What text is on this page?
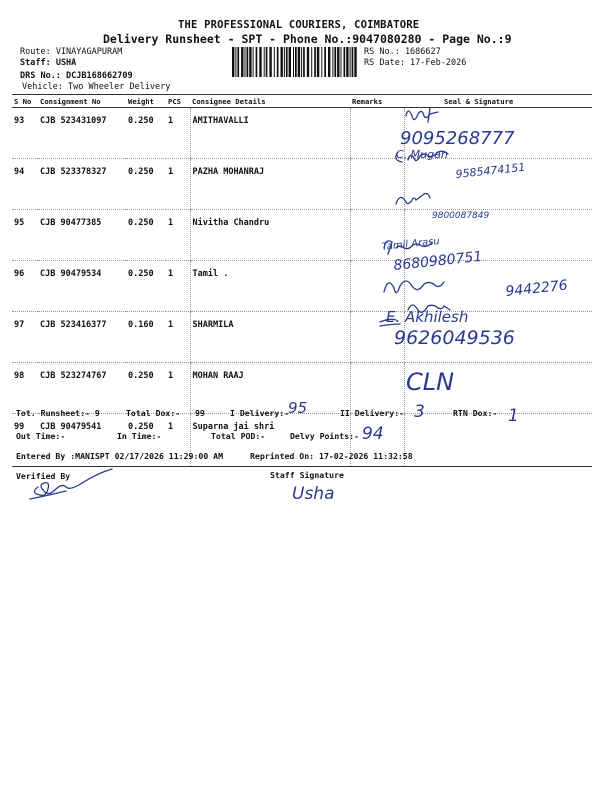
THE PROFESSIONAL COURIERS, COIMBATORE
Delivery Runsheet - SPT - Phone No.:9047080280 - Page No.:9
Route: VINAYAGAPURAM
Staff: USHA
DRS No.: DCJB168662709
Vehicle: Two Wheeler Delivery
RS No.: 1686627
RS Date: 17-Feb-2026
S No	Consignment No	Weight	PCS	Consignee Details	Remarks	Seal & Signature
93	CJB 523431097	0.250	1	AMITHAVALLI		
94	CJB 523378327	0.250	1	PAZHA MOHANRAJ		
95	CJB 90477385	0.250	1	Nivitha Chandru		
96	CJB 90479534	0.250	1	Tamil .		
97	CJB 523416377	0.160	1	SHARMILA		
98	CJB 523274767	0.250	1	MOHAN RAAJ		
99	CJB 90479541	0.250	1	Suparna jai shri		
9095268777
C. Mugan
9585474151
9800087849
Tamil Arasu
8680980751
9442276
E. Akhilesh
9626049536
CLN
Tot. Runsheet:- 9	Total Dox:- 99	I Delivery:-	II Delivery:-	RTN Dox:-
Out Time:-	In Time:-	Total POD:-	Delvy Points:-
Entered By :MANISPT 02/17/2026 11:29:00 AM	Reprinted On: 17-02-2026 11:32:58
Verified By	Staff Signature
95	3	1
94
Usha
